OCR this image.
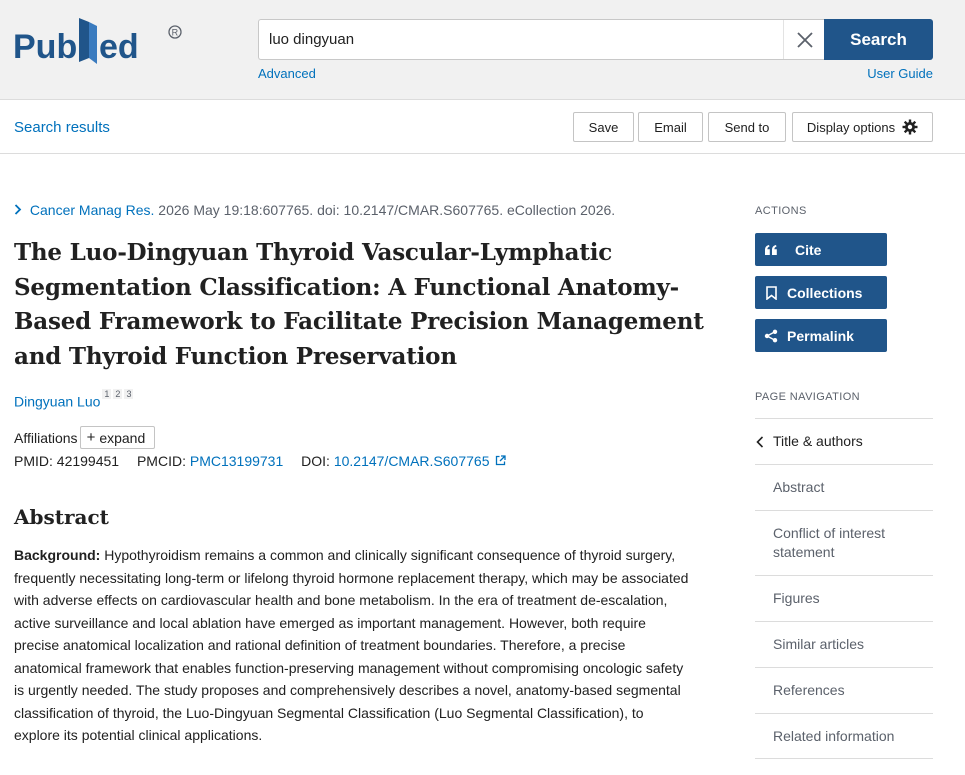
Pub ed	R
luo dingyuan	Search
Advanced	User Guide
Search results	Save	Email	Send to	Display options
Cancer Manag Res. 2026 May 19:18:607765. doi: 10.2147/CMAR.S607765. eCollection 2026.
The Luo-Dingyuan Thyroid Vascular-Lymphatic Segmentation Classification: A Functional Anatomy-Based Framework to Facilitate Precision Management and Thyroid Function Preservation
Dingyuan Luo $^1$ $^2$ $^3$
Affiliations + expand
PMID: 42199451 PMCID: PMC13199731 DOI: 10.2147/CMAR.S607765
Abstract

Background: Hypothyroidism remains a common and clinically significant consequence of thyroid surgery, frequently necessitating long-term or lifelong thyroid hormone replacement therapy, which may be associated with adverse effects on cardiovascular health and bone metabolism. In the era of treatment de-escalation, active surveillance and local ablation have emerged as important management. However, both require precise anatomical localization and rational definition of treatment boundaries. Therefore, a precise anatomical framework that enables function-preserving management without compromising oncologic safety is urgently needed. The study proposes and comprehensively describes a novel, anatomy-based segmental classification of thyroid, the Luo-Dingyuan Segmental Classification (Luo Segmental Classification), to explore its potential clinical applications.

ACTIONS
Cite
Collections
Permalink
PAGE NAVIGATION
Title & authors
Abstract
Conflict of interest statement
Figures
Similar articles
References
Related information
